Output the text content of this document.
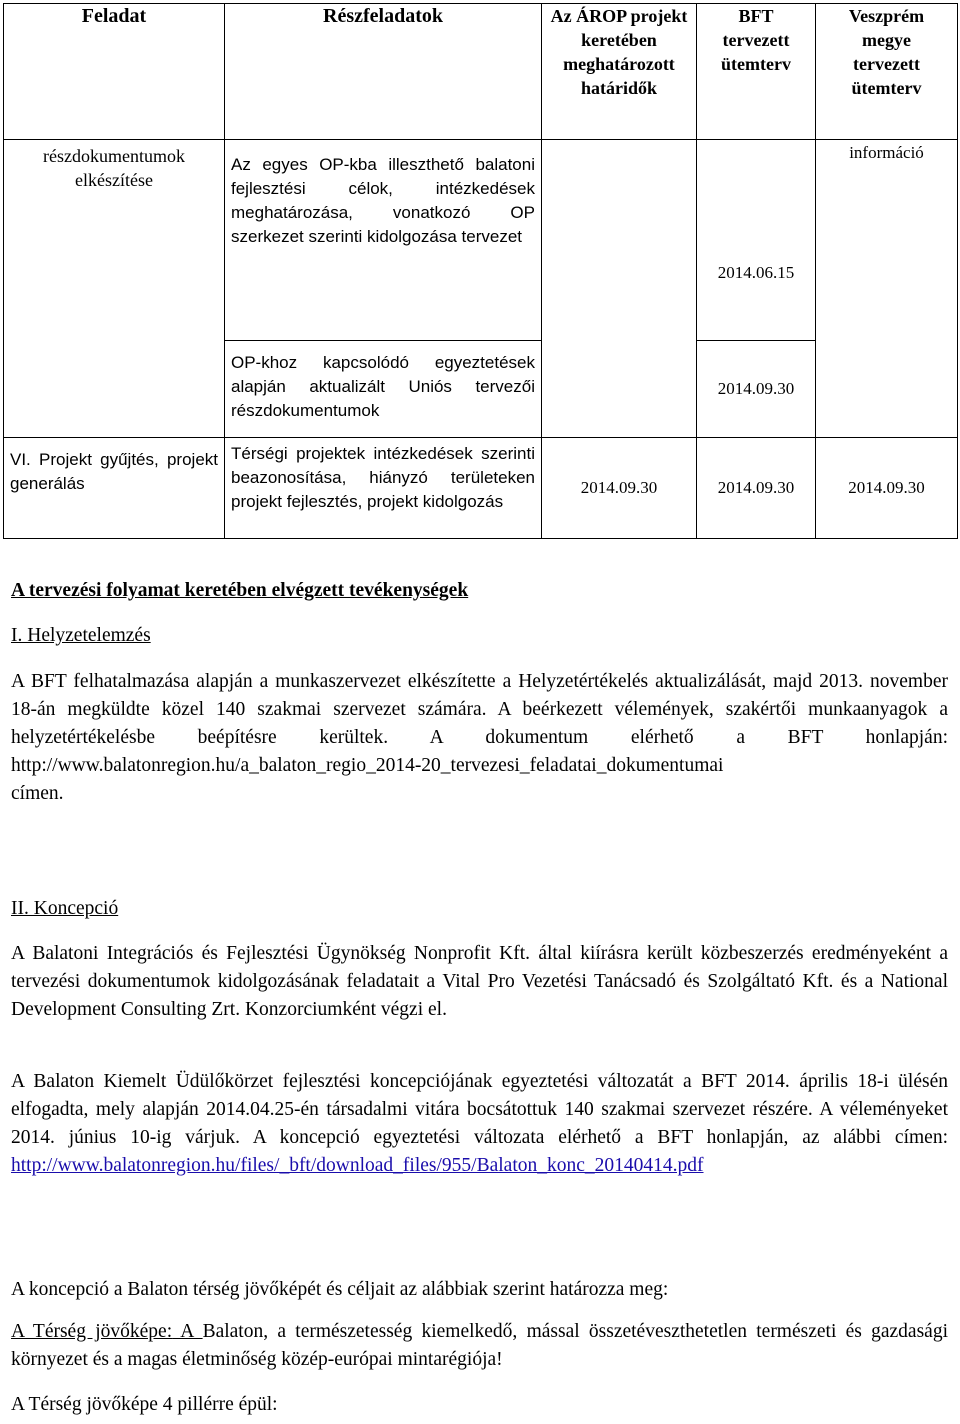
Feladat	Részfeladatok	Az ÁROP projekt keretében meghatározott határidők	BFT tervezett ütemterv	Veszprém megye tervezett ütemterv

részdokumentumok elkészítése	Az egyes OP-kba illeszthető balatoni fejlesztési célok, intézkedések meghatározása, vonatkozó OP szerkezet szerinti kidolgozása tervezet		2014.06.15	információ

	OP-khoz kapcsolódó egyeztetések alapján aktualizált Uniós tervezői részdokumentumok		2014.09.30	

VI. Projekt gyűjtés, projekt generálás	Térségi projektek intézkedések szerinti beazonosítása, hiányzó területeken projekt fejlesztés, projekt kidolgozás	2014.09.30	2014.09.30	2014.09.30

A tervezési folyamat keretében elvégzett tevékenységek

I. Helyzetelemzés

A BFT felhatalmazása alapján a munkaszervezet elkészítette a Helyzetértékelés aktualizálását, majd 2013. november 18-án megküldte közel 140 szakmai szervezet számára. A beérkezett vélemények, szakértői munkaanyagok a helyzetértékelésbe beépítésre kerültek. A dokumentum elérhető a BFT honlapján:
http://www.balatonregion.hu/a_balaton_regio_2014-20_tervezesi_feladatai_dokumentumai
címen.

II. Koncepció

A Balatoni Integrációs és Fejlesztési Ügynökség Nonprofit Kft. által kiírásra került közbeszerzés eredményeként a tervezési dokumentumok kidolgozásának feladatait a Vital Pro Vezetési Tanácsadó és Szolgáltató Kft. és a National Development Consulting Zrt. Konzorciumként végzi el.

A Balaton Kiemelt Üdülőkörzet fejlesztési koncepciójának egyeztetési változatát a BFT 2014. április 18-i ülésén elfogadta, mely alapján 2014.04.25-én társadalmi vitára bocsátottuk 140 szakmai szervezet részére. A véleményeket 2014. június 10-ig várjuk. A koncepció egyeztetési változata elérhető a BFT honlapján, az alábbi címen: http://www.balatonregion.hu/files/_bft/download_files/955/Balaton_konc_20140414.pdf

A koncepció a Balaton térség jövőképét és céljait az alábbiak szerint határozza meg:

A Térség jövőképe: A Balaton, a természetesség kiemelkedő, mással összetéveszthetetlen természeti és gazdasági környezet és a magas életminőség közép-európai mintarégiója!

A Térség jövőképe 4 pillérre épül:
